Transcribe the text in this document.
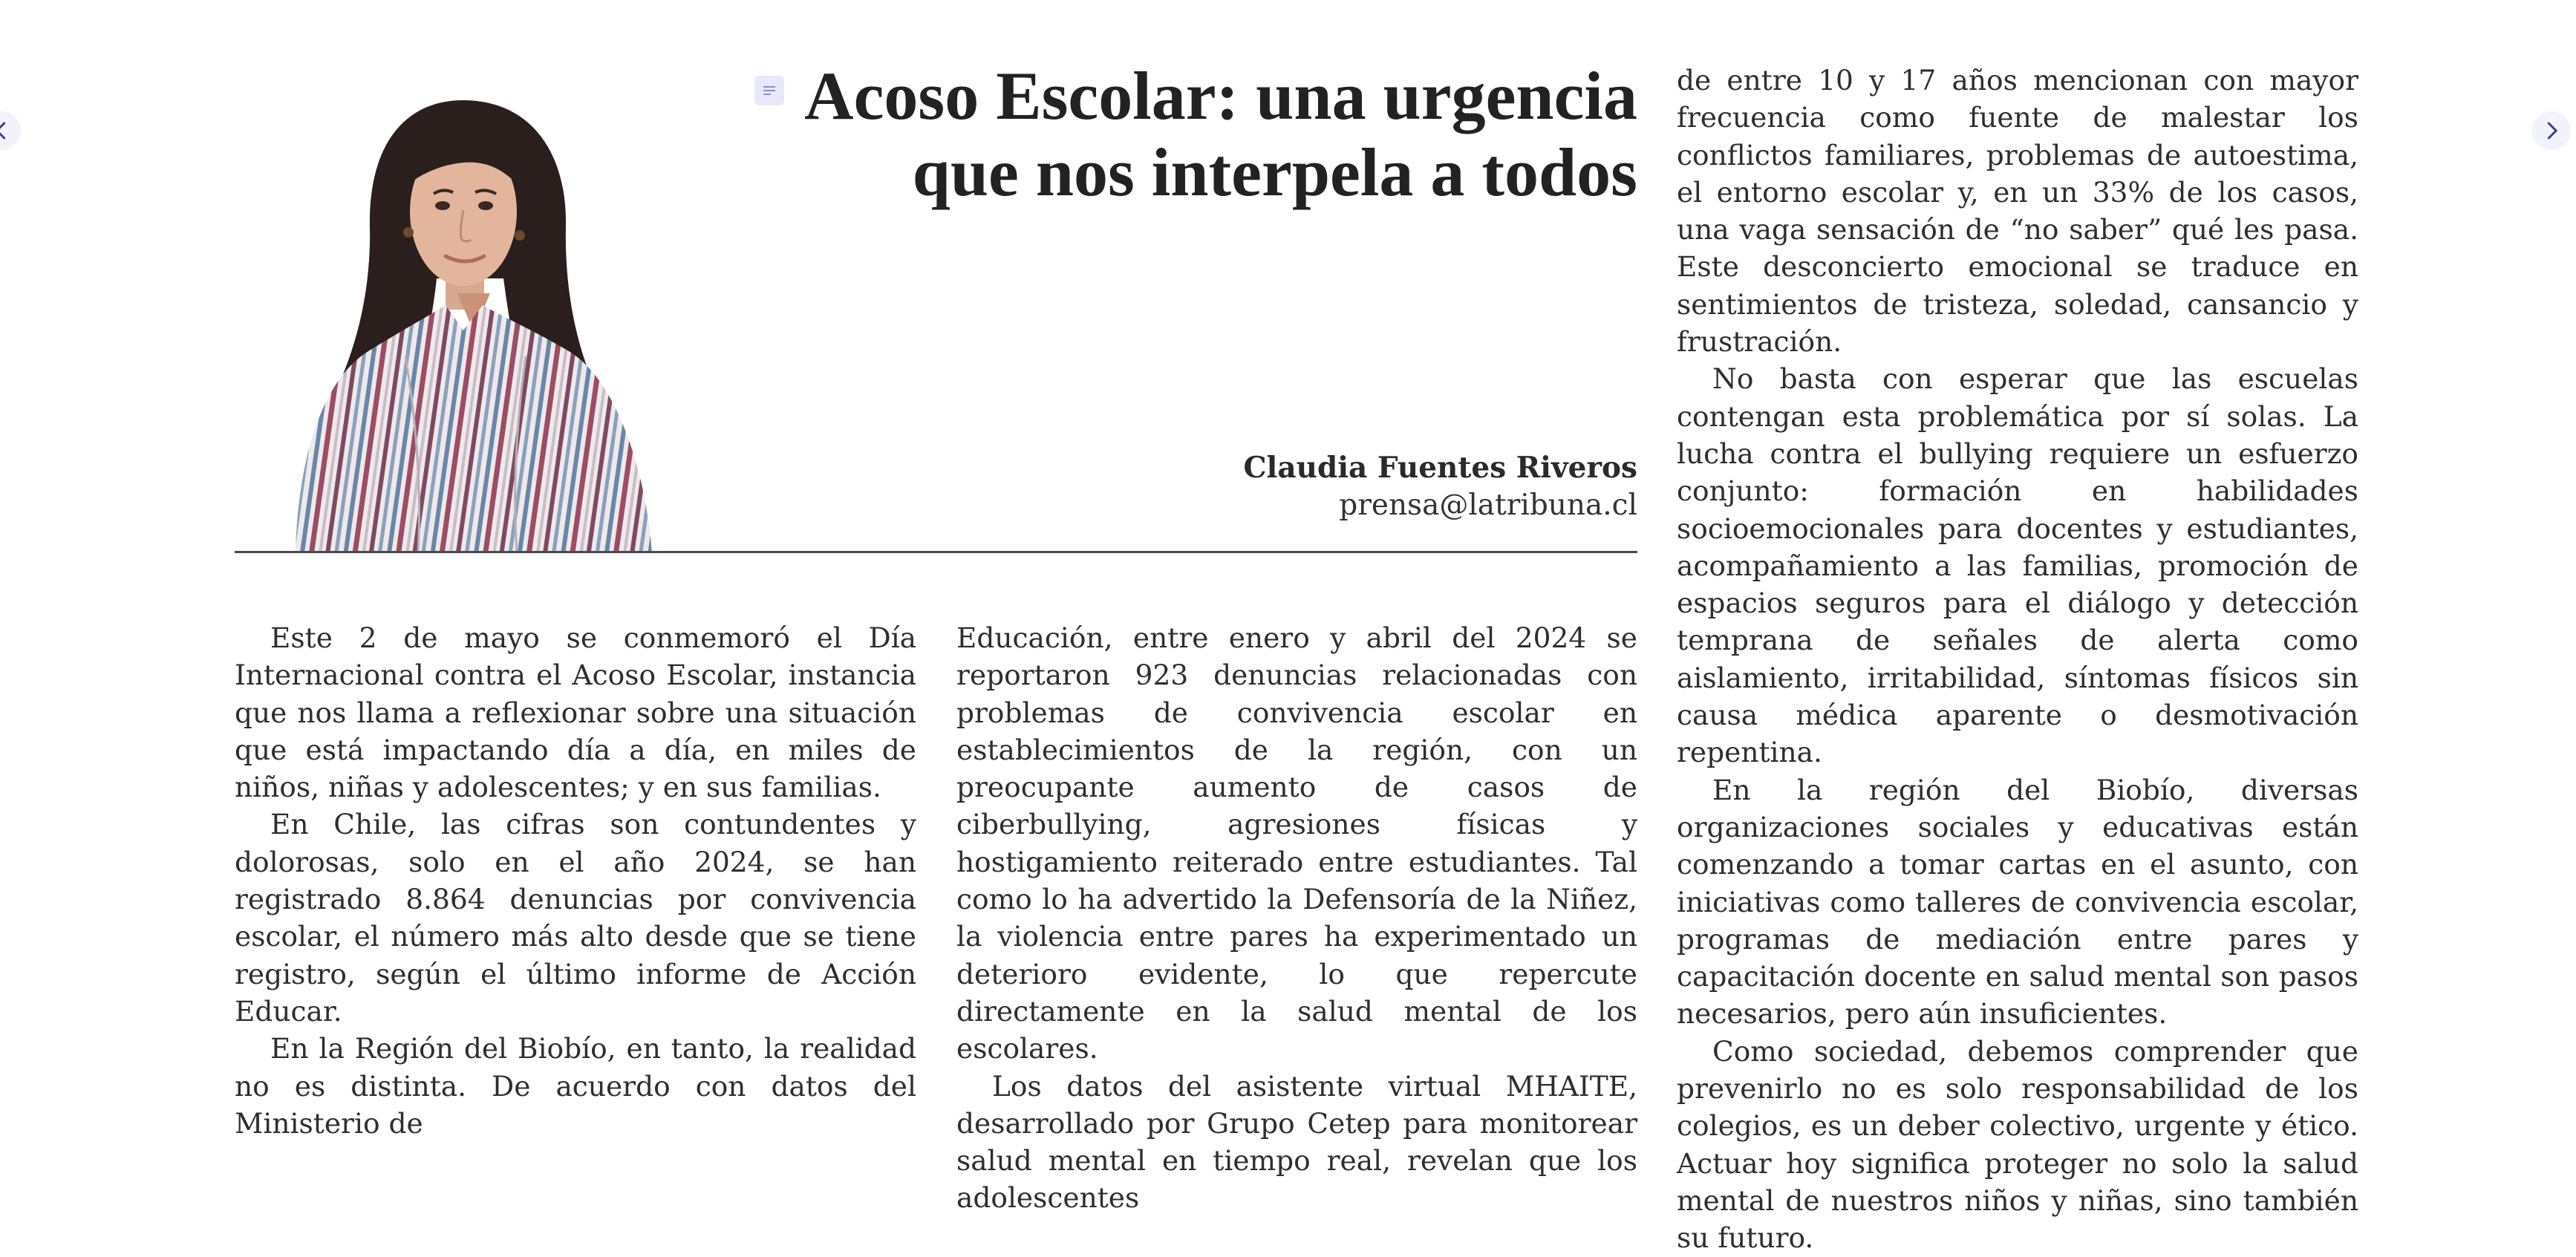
Acoso Escolar: una urgencia que nos interpela a todos
Claudia Fuentes Riveros
prensa@latribuna.cl

Este 2 de mayo se conmemoró el Día Internacional contra el Acoso Escolar, instancia que nos llama a reflexionar sobre una situación que está impactando día a día, en miles de niños, niñas y adolescentes; y en sus familias.

En Chile, las cifras son contundentes y dolorosas, solo en el año 2024, se han registrado 8.864 denuncias por convivencia escolar, el número más alto desde que se tiene registro, según el último informe de Acción Educar.

En la Región del Biobío, en tanto, la realidad no es distinta. De acuerdo con datos del Ministerio de

Educación, entre enero y abril del 2024 se reportaron 923 denuncias relacionadas con problemas de convivencia escolar en establecimientos de la región, con un preocupante aumento de casos de ciberbullying, agresiones físicas y hostigamiento reiterado entre estudiantes. Tal como lo ha advertido la Defensoría de la Niñez, la violencia entre pares ha experimentado un deterioro evidente, lo que repercute directamente en la salud mental de los escolares.

Los datos del asistente virtual MHAITE, desarrollado por Grupo Cetep para monitorear salud mental en tiempo real, revelan que los adolescentes

de entre 10 y 17 años mencionan con mayor frecuencia como fuente de malestar los conflictos familiares, problemas de autoestima, el entorno escolar y, en un 33% de los casos, una vaga sensación de “no saber” qué les pasa. Este desconcierto emocional se traduce en sentimientos de tristeza, soledad, cansancio y frustración.

No basta con esperar que las escuelas contengan esta problemática por sí solas. La lucha contra el bullying requiere un esfuerzo conjunto: formación en habilidades socioemocionales para docentes y estudiantes, acompañamiento a las familias, promoción de espacios seguros para el diálogo y detección temprana de señales de alerta como aislamiento, irritabilidad, síntomas físicos sin causa médica aparente o desmotivación repentina.

En la región del Biobío, diversas organizaciones sociales y educativas están comenzando a tomar cartas en el asunto, con iniciativas como talleres de convivencia escolar, programas de mediación entre pares y capacitación docente en salud mental son pasos necesarios, pero aún insuficientes.

Como sociedad, debemos comprender que prevenirlo no es solo responsabilidad de los colegios, es un deber colectivo, urgente y ético. Actuar hoy significa proteger no solo la salud mental de nuestros niños y niñas, sino también su futuro.
